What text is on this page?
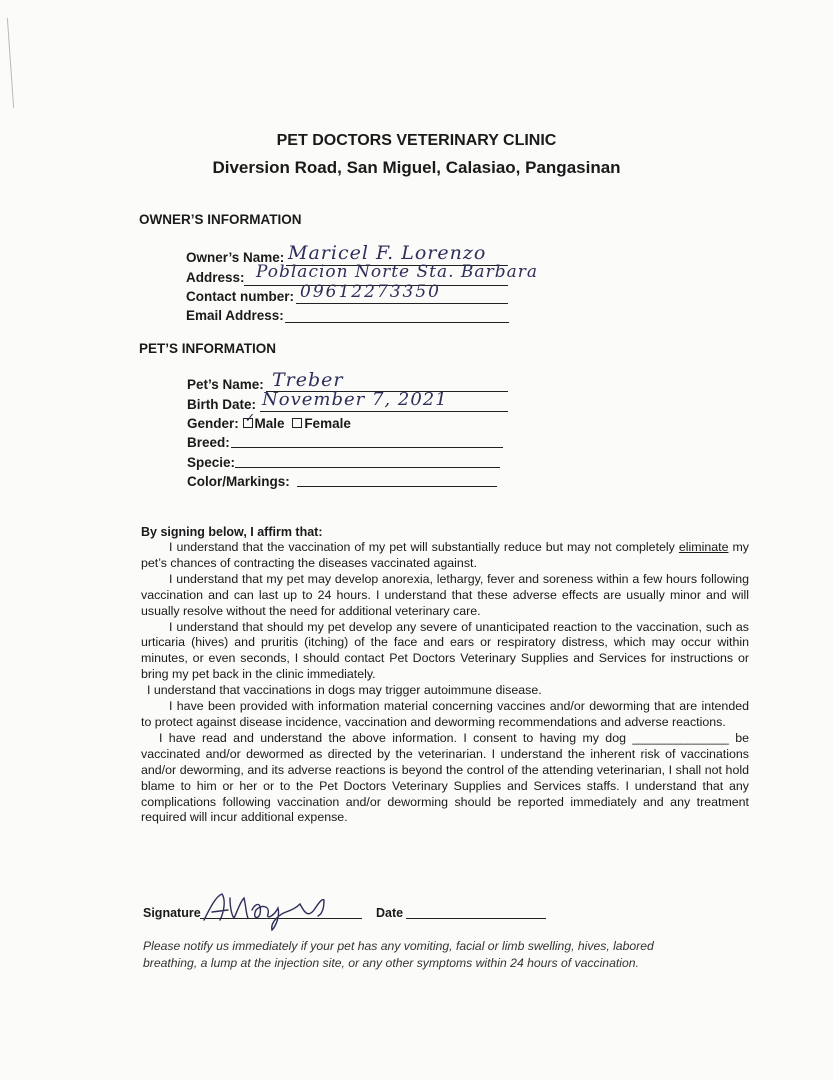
PET DOCTORS VETERINARY CLINIC
Diversion Road, San Miguel, Calasiao, Pangasinan
OWNER’S INFORMATION
Owner’s Name: Maricel F. Lorenzo
Address: Poblacion Norte Sta. Barbara
Contact number: 09612273350
Email Address:
PET’S INFORMATION
Pet’s Name: Treber
Birth Date: November 7, 2021
Gender: ✓ Male Female
Breed:
Specie:
Color/Markings:
By signing below, I affirm that:

I understand that the vaccination of my pet will substantially reduce but may not completely eliminate my pet’s chances of contracting the diseases vaccinated against.

I understand that my pet may develop anorexia, lethargy, fever and soreness within a few hours following vaccination and can last up to 24 hours. I understand that these adverse effects are usually minor and will usually resolve without the need for additional veterinary care.

I understand that should my pet develop any severe of unanticipated reaction to the vaccination, such as urticaria (hives) and pruritis (itching) of the face and ears or respiratory distress, which may occur within minutes, or even seconds, I should contact Pet Doctors Veterinary Supplies and Services for instructions or bring my pet back in the clinic immediately.

I understand that vaccinations in dogs may trigger autoimmune disease.

I have been provided with information material concerning vaccines and/or deworming that are intended to protect against disease incidence, vaccination and deworming recommendations and adverse reactions.

I have read and understand the above information. I consent to having my dog ______________ be vaccinated and/or dewormed as directed by the veterinarian. I understand the inherent risk of vaccinations and/or deworming, and its adverse reactions is beyond the control of the attending veterinarian, I shall not hold blame to him or her or to the Pet Doctors Veterinary Supplies and Services staffs. I understand that any complications following vaccination and/or deworming should be reported immediately and any treatment required will incur additional expense.

Signature	Date
Please notify us immediately if your pet has any vomiting, facial or limb swelling, hives, labored breathing, a lump at the injection site, or any other symptoms within 24 hours of vaccination.
